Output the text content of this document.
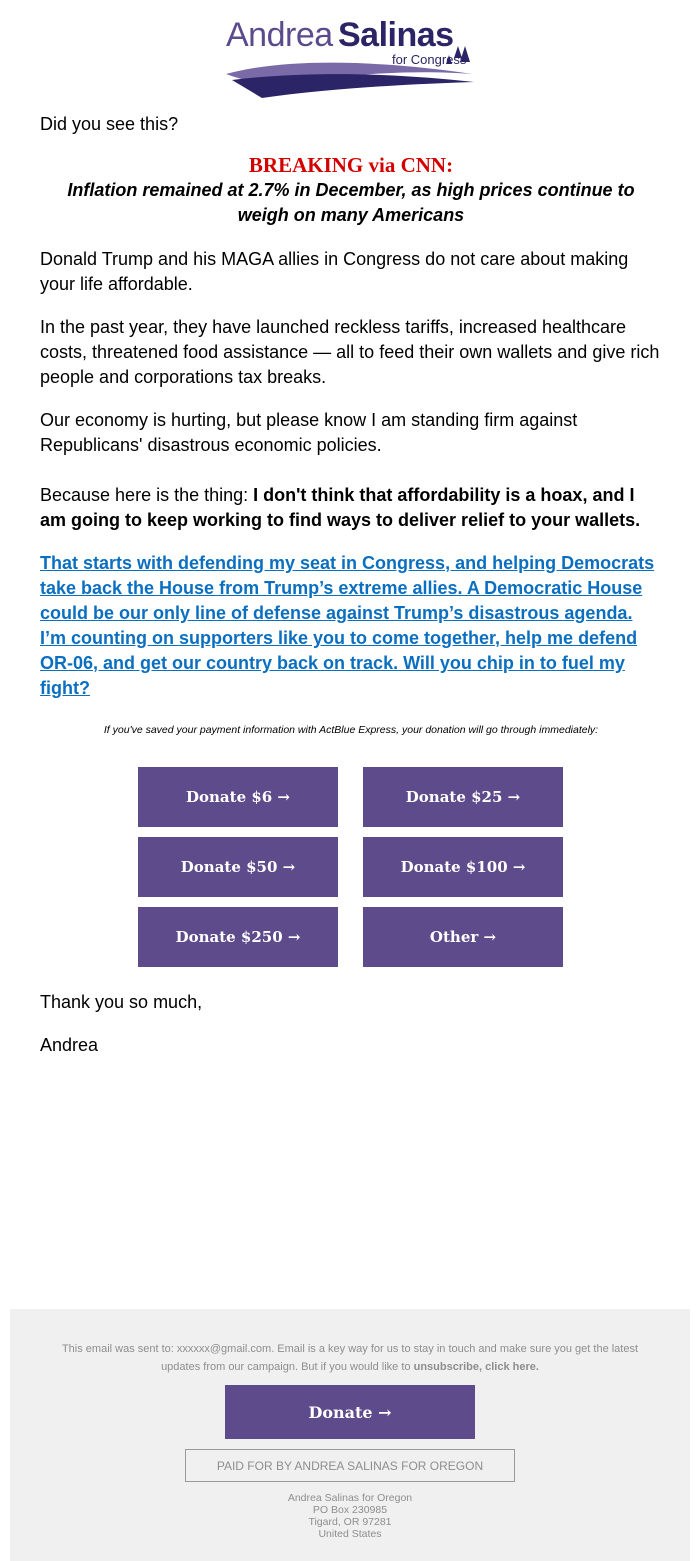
Andrea Salinas
for Congress
Did you see this?
BREAKING via CNN:
Inflation remained at 2.7% in December, as high prices continue to weigh on many Americans
Donald Trump and his MAGA allies in Congress do not care about making your life affordable.
In the past year, they have launched reckless tariffs, increased healthcare costs, threatened food assistance — all to feed their own wallets and give rich people and corporations tax breaks.
Our economy is hurting, but please know I am standing firm against Republicans' disastrous economic policies.
Because here is the thing: I don't think that affordability is a hoax, and I am going to keep working to find ways to deliver relief to your wallets.
That starts with defending my seat in Congress, and helping Democrats take back the House from Trump’s extreme allies. A Democratic House could be our only line of defense against Trump’s disastrous agenda. I’m counting on supporters like you to come together, help me defend OR-06, and get our country back on track. Will you chip in to fuel my fight?
If you've saved your payment information with ActBlue Express, your donation will go through immediately:
Donate $6 →	Donate $25 →
Donate $50 →	Donate $100 →
Donate $250 →	Other →
Thank you so much,
Andrea
This email was sent to: xxxxxx@gmail.com. Email is a key way for us to stay in touch and make sure you get the latest updates from our campaign. But if you would like to unsubscribe, click here.
Donate →
PAID FOR BY ANDREA SALINAS FOR OREGON
Andrea Salinas for Oregon
PO Box 230985
Tigard, OR 97281
United States
